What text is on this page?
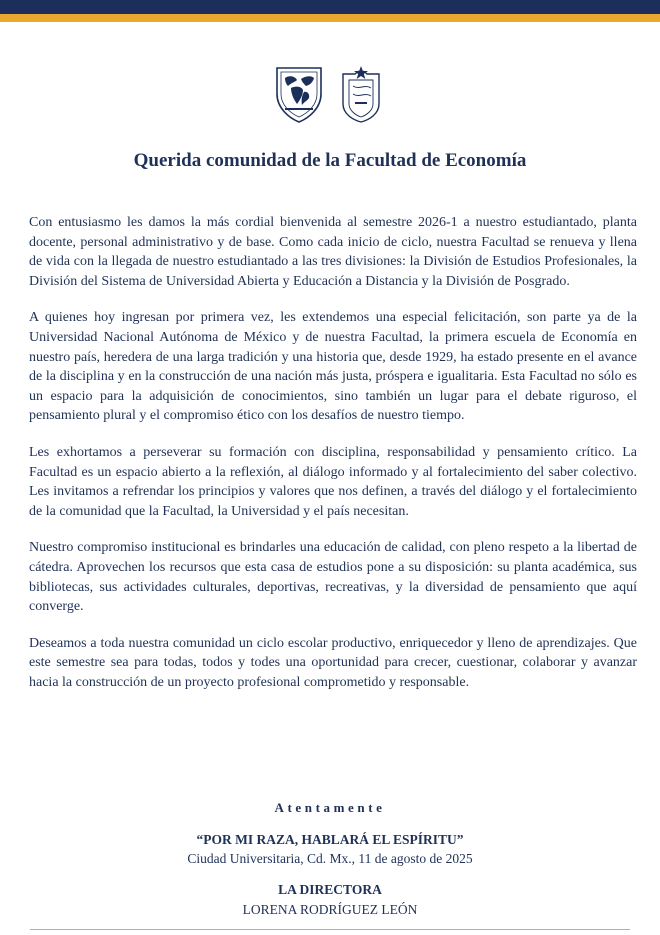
Querida comunidad de la Facultad de Economía

Con entusiasmo les damos la más cordial bienvenida al semestre 2026-1 a nuestro estudiantado, planta docente, personal administrativo y de base. Como cada inicio de ciclo, nuestra Facultad se renueva y llena de vida con la llegada de nuestro estudiantado a las tres divisiones: la División de Estudios Profesionales, la División del Sistema de Universidad Abierta y Educación a Distancia y la División de Posgrado.

A quienes hoy ingresan por primera vez, les extendemos una especial felicitación, son parte ya de la Universidad Nacional Autónoma de México y de nuestra Facultad, la primera escuela de Economía en nuestro país, heredera de una larga tradición y una historia que, desde 1929, ha estado presente en el avance de la disciplina y en la construcción de una nación más justa, próspera e igualitaria. Esta Facultad no sólo es un espacio para la adquisición de conocimientos, sino también un lugar para el debate riguroso, el pensamiento plural y el compromiso ético con los desafíos de nuestro tiempo.

Les exhortamos a perseverar su formación con disciplina, responsabilidad y pensamiento crítico. La Facultad es un espacio abierto a la reflexión, al diálogo informado y al fortalecimiento del saber colectivo. Les invitamos a refrendar los principios y valores que nos definen, a través del diálogo y el fortalecimiento de la comunidad que la Facultad, la Universidad y el país necesitan.

Nuestro compromiso institucional es brindarles una educación de calidad, con pleno respeto a la libertad de cátedra. Aprovechen los recursos que esta casa de estudios pone a su disposición: su planta académica, sus bibliotecas, sus actividades culturales, deportivas, recreativas, y la diversidad de pensamiento que aquí converge.

Deseamos a toda nuestra comunidad un ciclo escolar productivo, enriquecedor y lleno de aprendizajes. Que este semestre sea para todas, todos y todes una oportunidad para crecer, cuestionar, colaborar y avanzar hacia la construcción de un proyecto profesional comprometido y responsable.

Atentamente
“POR MI RAZA, HABLARÁ EL ESPÍRITU”
Ciudad Universitaria, Cd. Mx., 11 de agosto de 2025
LA DIRECTORA
LORENA RODRÍGUEZ LEÓN
